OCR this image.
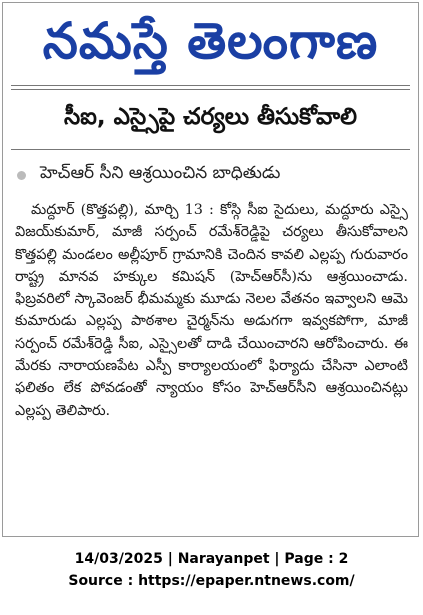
నమస్తే తెలంగాణ
సీఐ, ఎస్సైపై చర్యలు తీసుకోవాలి
హెచ్‌ఆర్‌ సీని ఆశ్రయించిన బాధితుడు

మద్దూర్ (కొత్తపల్లి), మార్చి 13 : కోస్గి సీఐ సైదులు, మద్దూరు ఎస్సై విజయ్‌కుమార్, మాజీ సర్పంచ్ రమేశ్‌రెడ్డిపై చర్యలు తీసుకోవాలని కొత్తపల్లి మండలం అల్లీపూర్ గ్రామానికి చెందిన కావలి ఎల్లప్ప గురువారం రాష్ట్ర మానవ హక్కుల కమిషన్ (హెచ్‌ఆర్‌సీ)ను ఆశ్రయించాడు. ఫిబ్రవరిలో స్కావెంజర్ భీమమ్మకు మూడు నెలల వేతనం ఇవ్వాలని ఆమె కుమారుడు ఎల్లప్ప పాఠశాల చైర్మన్‌ను అడుగగా ఇవ్వకపోగా, మాజీ సర్పంచ్ రమేశ్‌రెడ్డి సీఐ, ఎస్సైలతో దాడి చేయించారని ఆరోపించారు. ఈ మేరకు నారాయణపేట ఎస్పీ కార్యాలయంలో ఫిర్యాదు చేసినా ఎలాంటి ఫలితం లేక పోవడంతో న్యాయం కోసం హెచ్‌ఆర్‌సీని ఆశ్రయించినట్లు ఎల్లప్ప తెలిపారు.

14/03/2025 | Narayanpet | Page : 2
Source : https://epaper.ntnews.com/
